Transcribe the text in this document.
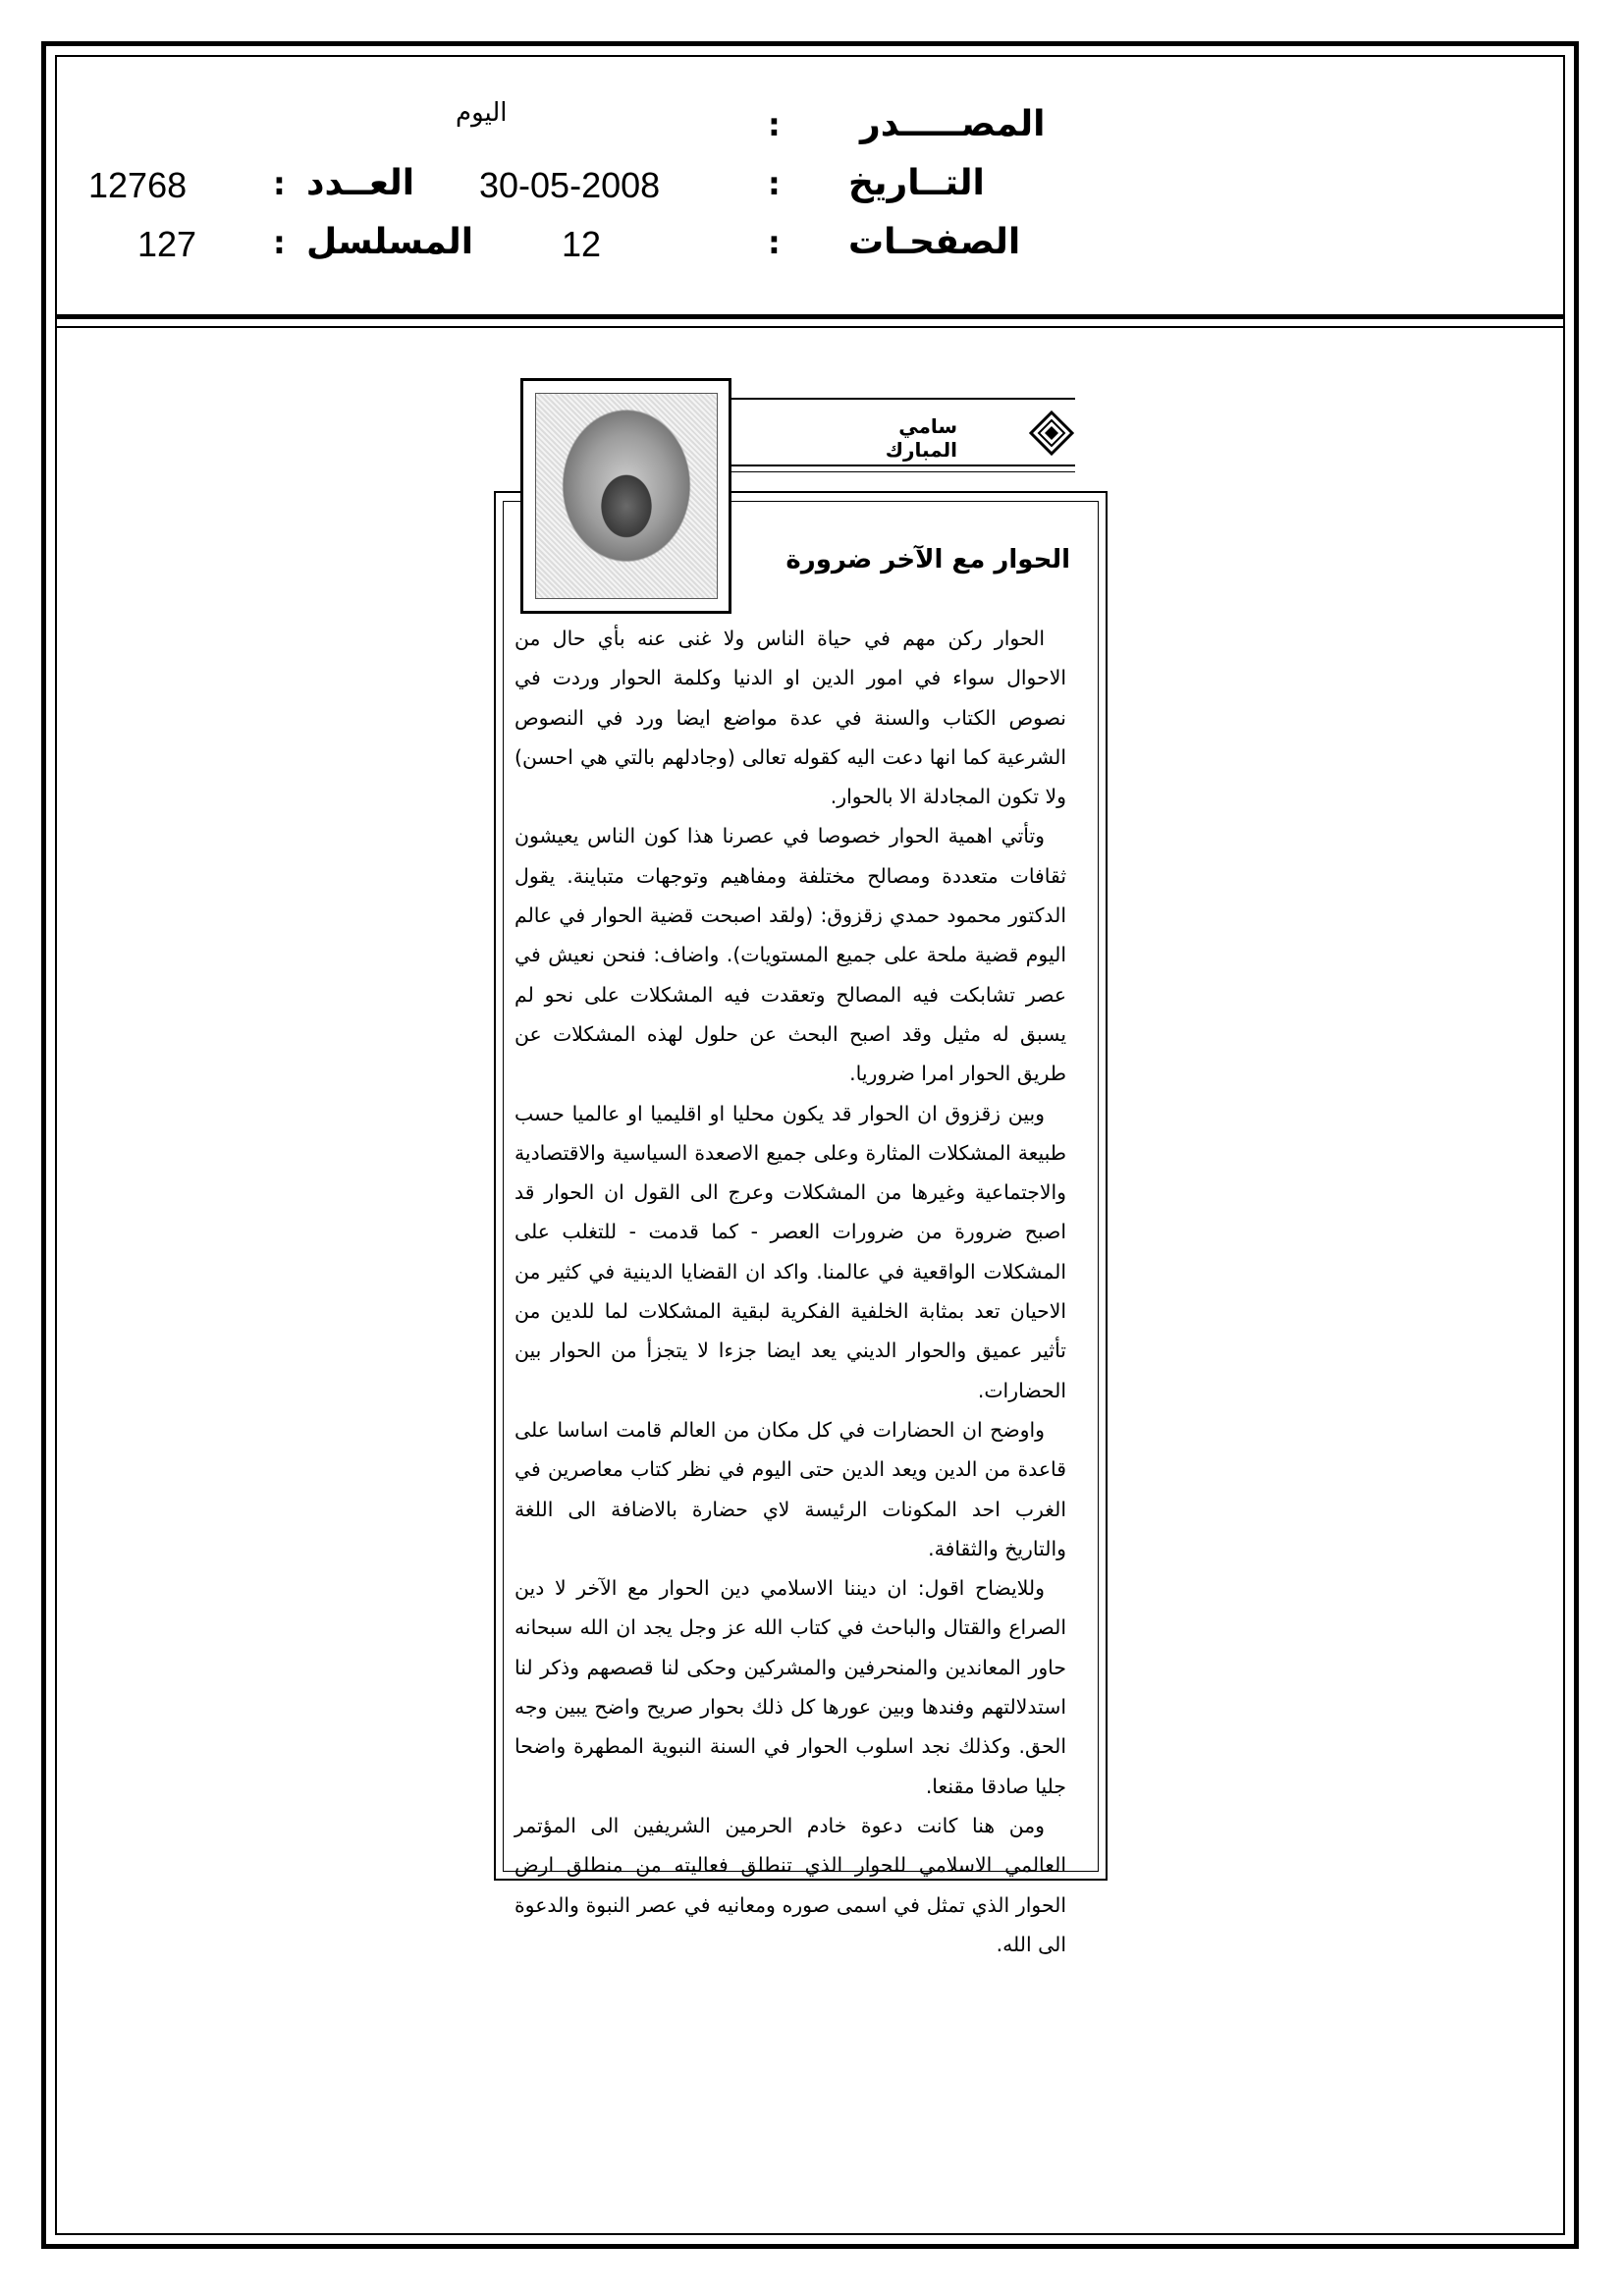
المصـــــدر
:
اليوم
التــاريخ
:
30-05-2008
العــدد
:
12768
الصفحـات
:
12
المسلسل
:
127
سامي المبارك
الحوار مع الآخر ضرورة

الحوار ركن مهم في حياة الناس ولا غنى عنه بأي حال من الاحوال سواء في امور الدين او الدنيا وكلمة الحوار وردت في نصوص الكتاب والسنة في عدة مواضع ايضا ورد في النصوص الشرعية كما انها دعت اليه كقوله تعالى (وجادلهم بالتي هي احسن) ولا تكون المجادلة الا بالحوار.

وتأتي اهمية الحوار خصوصا في عصرنا هذا كون الناس يعيشون ثقافات متعددة ومصالح مختلفة ومفاهيم وتوجهات متباينة. يقول الدكتور محمود حمدي زقزوق: (ولقد اصبحت قضية الحوار في عالم اليوم قضية ملحة على جميع المستويات). واضاف: فنحن نعيش في عصر تشابكت فيه المصالح وتعقدت فيه المشكلات على نحو لم يسبق له مثيل وقد اصبح البحث عن حلول لهذه المشكلات عن طريق الحوار امرا ضروريا.

وبين زقزوق ان الحوار قد يكون محليا او اقليميا او عالميا حسب طبيعة المشكلات المثارة وعلى جميع الاصعدة السياسية والاقتصادية والاجتماعية وغيرها من المشكلات وعرج الى القول ان الحوار قد اصبح ضرورة من ضرورات العصر - كما قدمت - للتغلب على المشكلات الواقعية في عالمنا. واكد ان القضايا الدينية في كثير من الاحيان تعد بمثابة الخلفية الفكرية لبقية المشكلات لما للدين من تأثير عميق والحوار الديني يعد ايضا جزءا لا يتجزأ من الحوار بين الحضارات.

واوضح ان الحضارات في كل مكان من العالم قامت اساسا على قاعدة من الدين ويعد الدين حتى اليوم في نظر كتاب معاصرين في الغرب احد المكونات الرئيسة لاي حضارة بالاضافة الى اللغة والتاريخ والثقافة.

وللايضاح اقول: ان ديننا الاسلامي دين الحوار مع الآخر لا دين الصراع والقتال والباحث في كتاب الله عز وجل يجد ان الله سبحانه حاور المعاندين والمنحرفين والمشركين وحكى لنا قصصهم وذكر لنا استدلالتهم وفندها وبين عورها كل ذلك بحوار صريح واضح يبين وجه الحق. وكذلك نجد اسلوب الحوار في السنة النبوية المطهرة واضحا جليا صادقا مقنعا.

ومن هنا كانت دعوة خادم الحرمين الشريفين الى المؤتمر العالمي الاسلامي للحوار الذي تنطلق فعاليته من منطلق ارض الحوار الذي تمثل في اسمى صوره ومعانيه في عصر النبوة والدعوة الى الله.
